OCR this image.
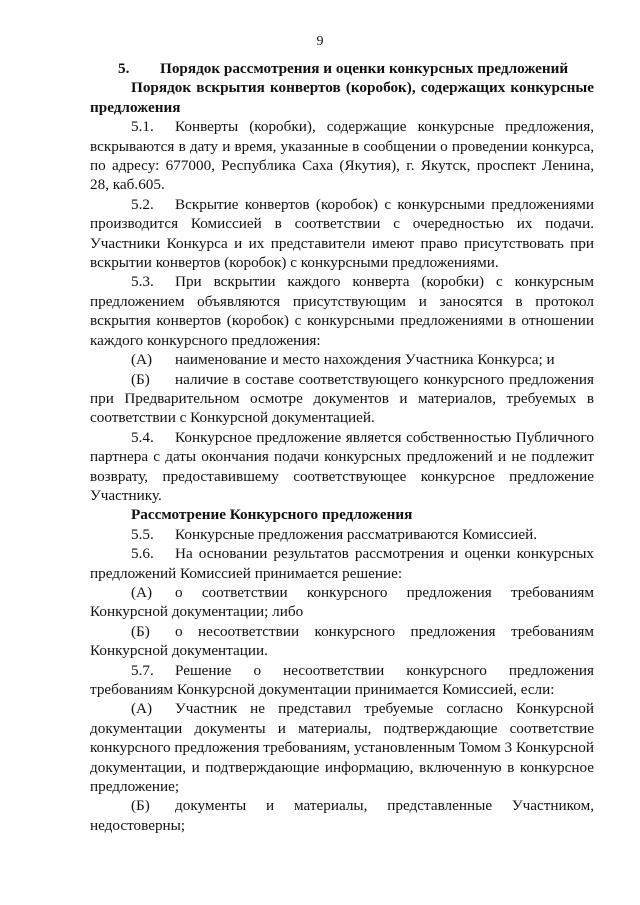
9

5. Порядок рассмотрения и оценки конкурсных предложений

Порядок вскрытия конвертов (коробок), содержащих конкурсные предложения

5.1. Конверты (коробки), содержащие конкурсные предложения, вскрываются в дату и время, указанные в сообщении о проведении конкурса, по адресу: 677000, Республика Саха (Якутия), г. Якутск, проспект Ленина, 28, каб.605.

5.2. Вскрытие конвертов (коробок) с конкурсными предложениями производится Комиссией в соответствии с очередностью их подачи. Участники Конкурса и их представители имеют право присутствовать при вскрытии конвертов (коробок) с конкурсными предложениями.

5.3. При вскрытии каждого конверта (коробки) с конкурсным предложением объявляются присутствующим и заносятся в протокол вскрытия конвертов (коробок) с конкурсными предложениями в отношении каждого конкурсного предложения:

(А) наименование и место нахождения Участника Конкурса; и

(Б) наличие в составе соответствующего конкурсного предложения при Предварительном осмотре документов и материалов, требуемых в соответствии с Конкурсной документацией.

5.4. Конкурсное предложение является собственностью Публичного партнера с даты окончания подачи конкурсных предложений и не подлежит возврату, предоставившему соответствующее конкурсное предложение Участнику.

Рассмотрение Конкурсного предложения

5.5. Конкурсные предложения рассматриваются Комиссией.

5.6. На основании результатов рассмотрения и оценки конкурсных предложений Комиссией принимается решение:

(А) о соответствии конкурсного предложения требованиям Конкурсной документации; либо

(Б) о несоответствии конкурсного предложения требованиям Конкурсной документации.

5.7. Решение о несоответствии конкурсного предложения требованиям Конкурсной документации принимается Комиссией, если:

(А) Участник не представил требуемые согласно Конкурсной документации документы и материалы, подтверждающие соответствие конкурсного предложения требованиям, установленным Томом 3 Конкурсной документации, и подтверждающие информацию, включенную в конкурсное предложение;

(Б) документы и материалы, представленные Участником, недостоверны;
